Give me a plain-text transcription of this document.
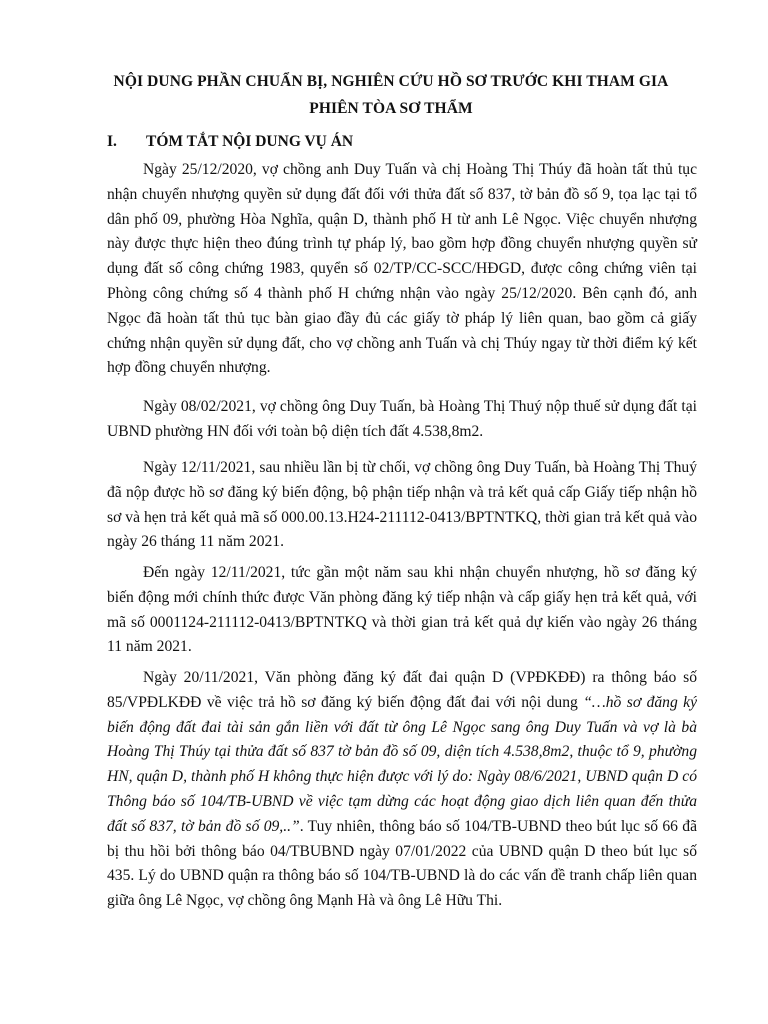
NỘI DUNG PHẦN CHUẨN BỊ, NGHIÊN CỨU HỒ SƠ TRƯỚC KHI THAM GIA
PHIÊN TÒA SƠ THẨM
I. TÓM TẮT NỘI DUNG VỤ ÁN

Ngày 25/12/2020, vợ chồng anh Duy Tuấn và chị Hoàng Thị Thúy đã hoàn tất thủ tục nhận chuyển nhượng quyền sử dụng đất đối với thửa đất số 837, tờ bản đồ số 9, tọa lạc tại tổ dân phố 09, phường Hòa Nghĩa, quận D, thành phố H từ anh Lê Ngọc. Việc chuyển nhượng này được thực hiện theo đúng trình tự pháp lý, bao gồm hợp đồng chuyển nhượng quyền sử dụng đất số công chứng 1983, quyển số 02/TP/CC-SCC/HĐGD, được công chứng viên tại Phòng công chứng số 4 thành phố H chứng nhận vào ngày 25/12/2020. Bên cạnh đó, anh Ngọc đã hoàn tất thủ tục bàn giao đầy đủ các giấy tờ pháp lý liên quan, bao gồm cả giấy chứng nhận quyền sử dụng đất, cho vợ chồng anh Tuấn và chị Thúy ngay từ thời điểm ký kết hợp đồng chuyển nhượng.

Ngày 08/02/2021, vợ chồng ông Duy Tuấn, bà Hoàng Thị Thuý nộp thuế sử dụng đất tại UBND phường HN đối với toàn bộ diện tích đất 4.538,8m2.

Ngày 12/11/2021, sau nhiều lần bị từ chối, vợ chồng ông Duy Tuấn, bà Hoàng Thị Thuý đã nộp được hồ sơ đăng ký biến động, bộ phận tiếp nhận và trả kết quả cấp Giấy tiếp nhận hồ sơ và hẹn trả kết quả mã số 000.00.13.H24-211112-0413/BPTNTKQ, thời gian trả kết quả vào ngày 26 tháng 11 năm 2021.

Đến ngày 12/11/2021, tức gần một năm sau khi nhận chuyển nhượng, hồ sơ đăng ký biến động mới chính thức được Văn phòng đăng ký tiếp nhận và cấp giấy hẹn trả kết quả, với mã số 0001124-211112-0413/BPTNTKQ và thời gian trả kết quả dự kiến vào ngày 26 tháng 11 năm 2021.

Ngày 20/11/2021, Văn phòng đăng ký đất đai quận D (VPĐKĐĐ) ra thông báo số 85/VPĐLKĐĐ về việc trả hồ sơ đăng ký biến động đất đai với nội dung “…hồ sơ đăng ký biến động đất đai tài sản gắn liền với đất từ ông Lê Ngọc sang ông Duy Tuấn và vợ là bà Hoàng Thị Thúy tại thửa đất số 837 tờ bản đồ số 09, diện tích 4.538,8m2, thuộc tổ 9, phường HN, quận D, thành phố H không thực hiện được với lý do: Ngày 08/6/2021, UBND quận D có Thông báo số 104/TB-UBND về việc tạm dừng các hoạt động giao dịch liên quan đến thửa đất số 837, tờ bản đồ số 09,..”. Tuy nhiên, thông báo số 104/TB-UBND theo bút lục số 66 đã bị thu hồi bởi thông báo 04/TBUBND ngày 07/01/2022 của UBND quận D theo bút lục số 435. Lý do UBND quận ra thông báo số 104/TB-UBND là do các vấn đề tranh chấp liên quan giữa ông Lê Ngọc, vợ chồng ông Mạnh Hà và ông Lê Hữu Thi.
